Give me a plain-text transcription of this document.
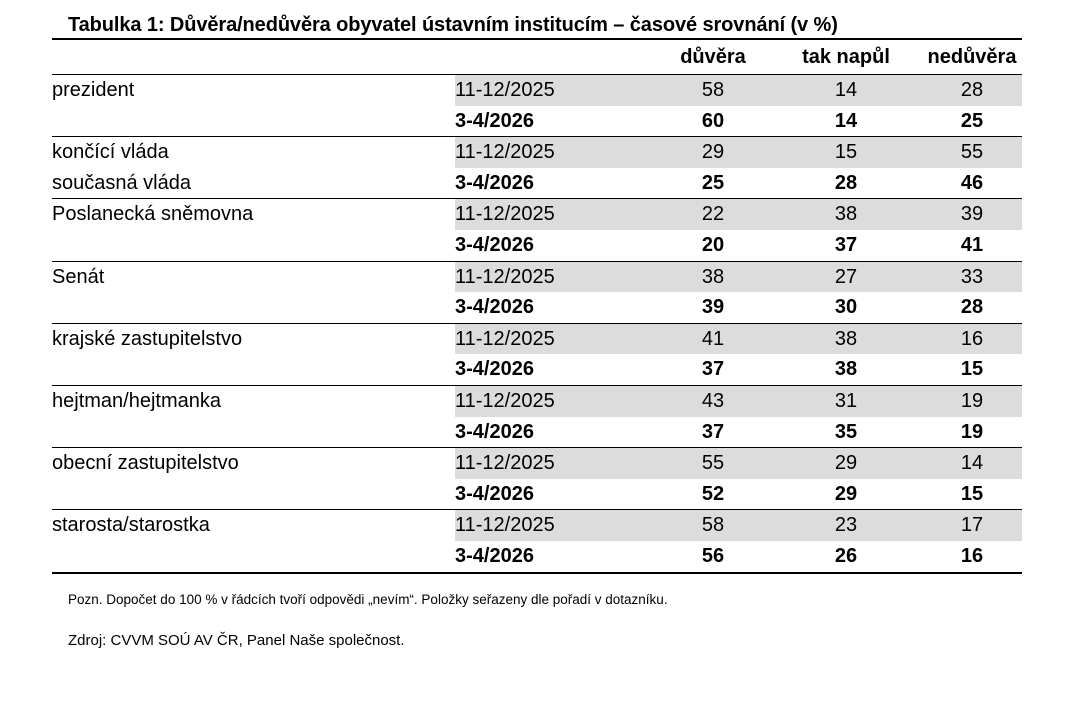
Tabulka 1: Důvěra/nedůvěra obyvatel ústavním institucím – časové srovnání (v %)
		důvěra	tak napůl	nedůvěra
prezident	11-12/2025	58	14	28
	3-4/2026	60	14	25
končící vláda	11-12/2025	29	15	55
současná vláda	3-4/2026	25	28	46
Poslanecká sněmovna	11-12/2025	22	38	39
	3-4/2026	20	37	41
Senát	11-12/2025	38	27	33
	3-4/2026	39	30	28
krajské zastupitelstvo	11-12/2025	41	38	16
	3-4/2026	37	38	15
hejtman/hejtmanka	11-12/2025	43	31	19
	3-4/2026	37	35	19
obecní zastupitelstvo	11-12/2025	55	29	14
	3-4/2026	52	29	15
starosta/starostka	11-12/2025	58	23	17
	3-4/2026	56	26	16
Pozn. Dopočet do 100 % v řádcích tvoří odpovědi „nevím“. Položky seřazeny dle pořadí v dotazníku.
Zdroj: CVVM SOÚ AV ČR, Panel Naše společnost.
